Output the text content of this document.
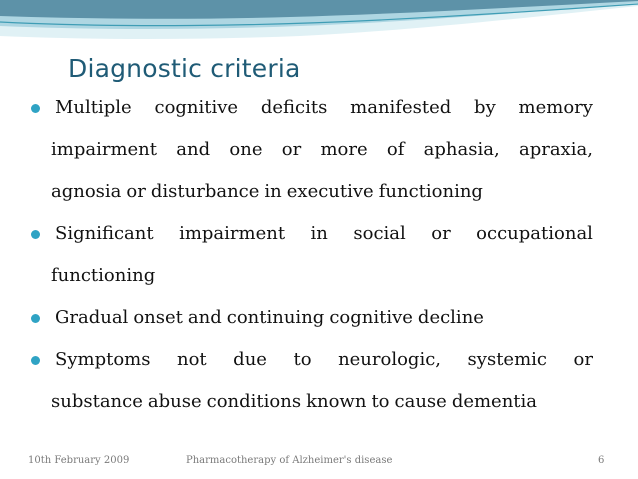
Diagnostic criteria
Multiple cognitive deficits manifested by memory
impairment and one or more of aphasia, apraxia,
agnosia or disturbance in executive functioning
Significant impairment in social or occupational
functioning
Gradual onset and continuing cognitive decline
Symptoms not due to neurologic, systemic or
substance abuse conditions known to cause dementia
10th February 2009	Pharmacotherapy of Alzheimer's disease	6
